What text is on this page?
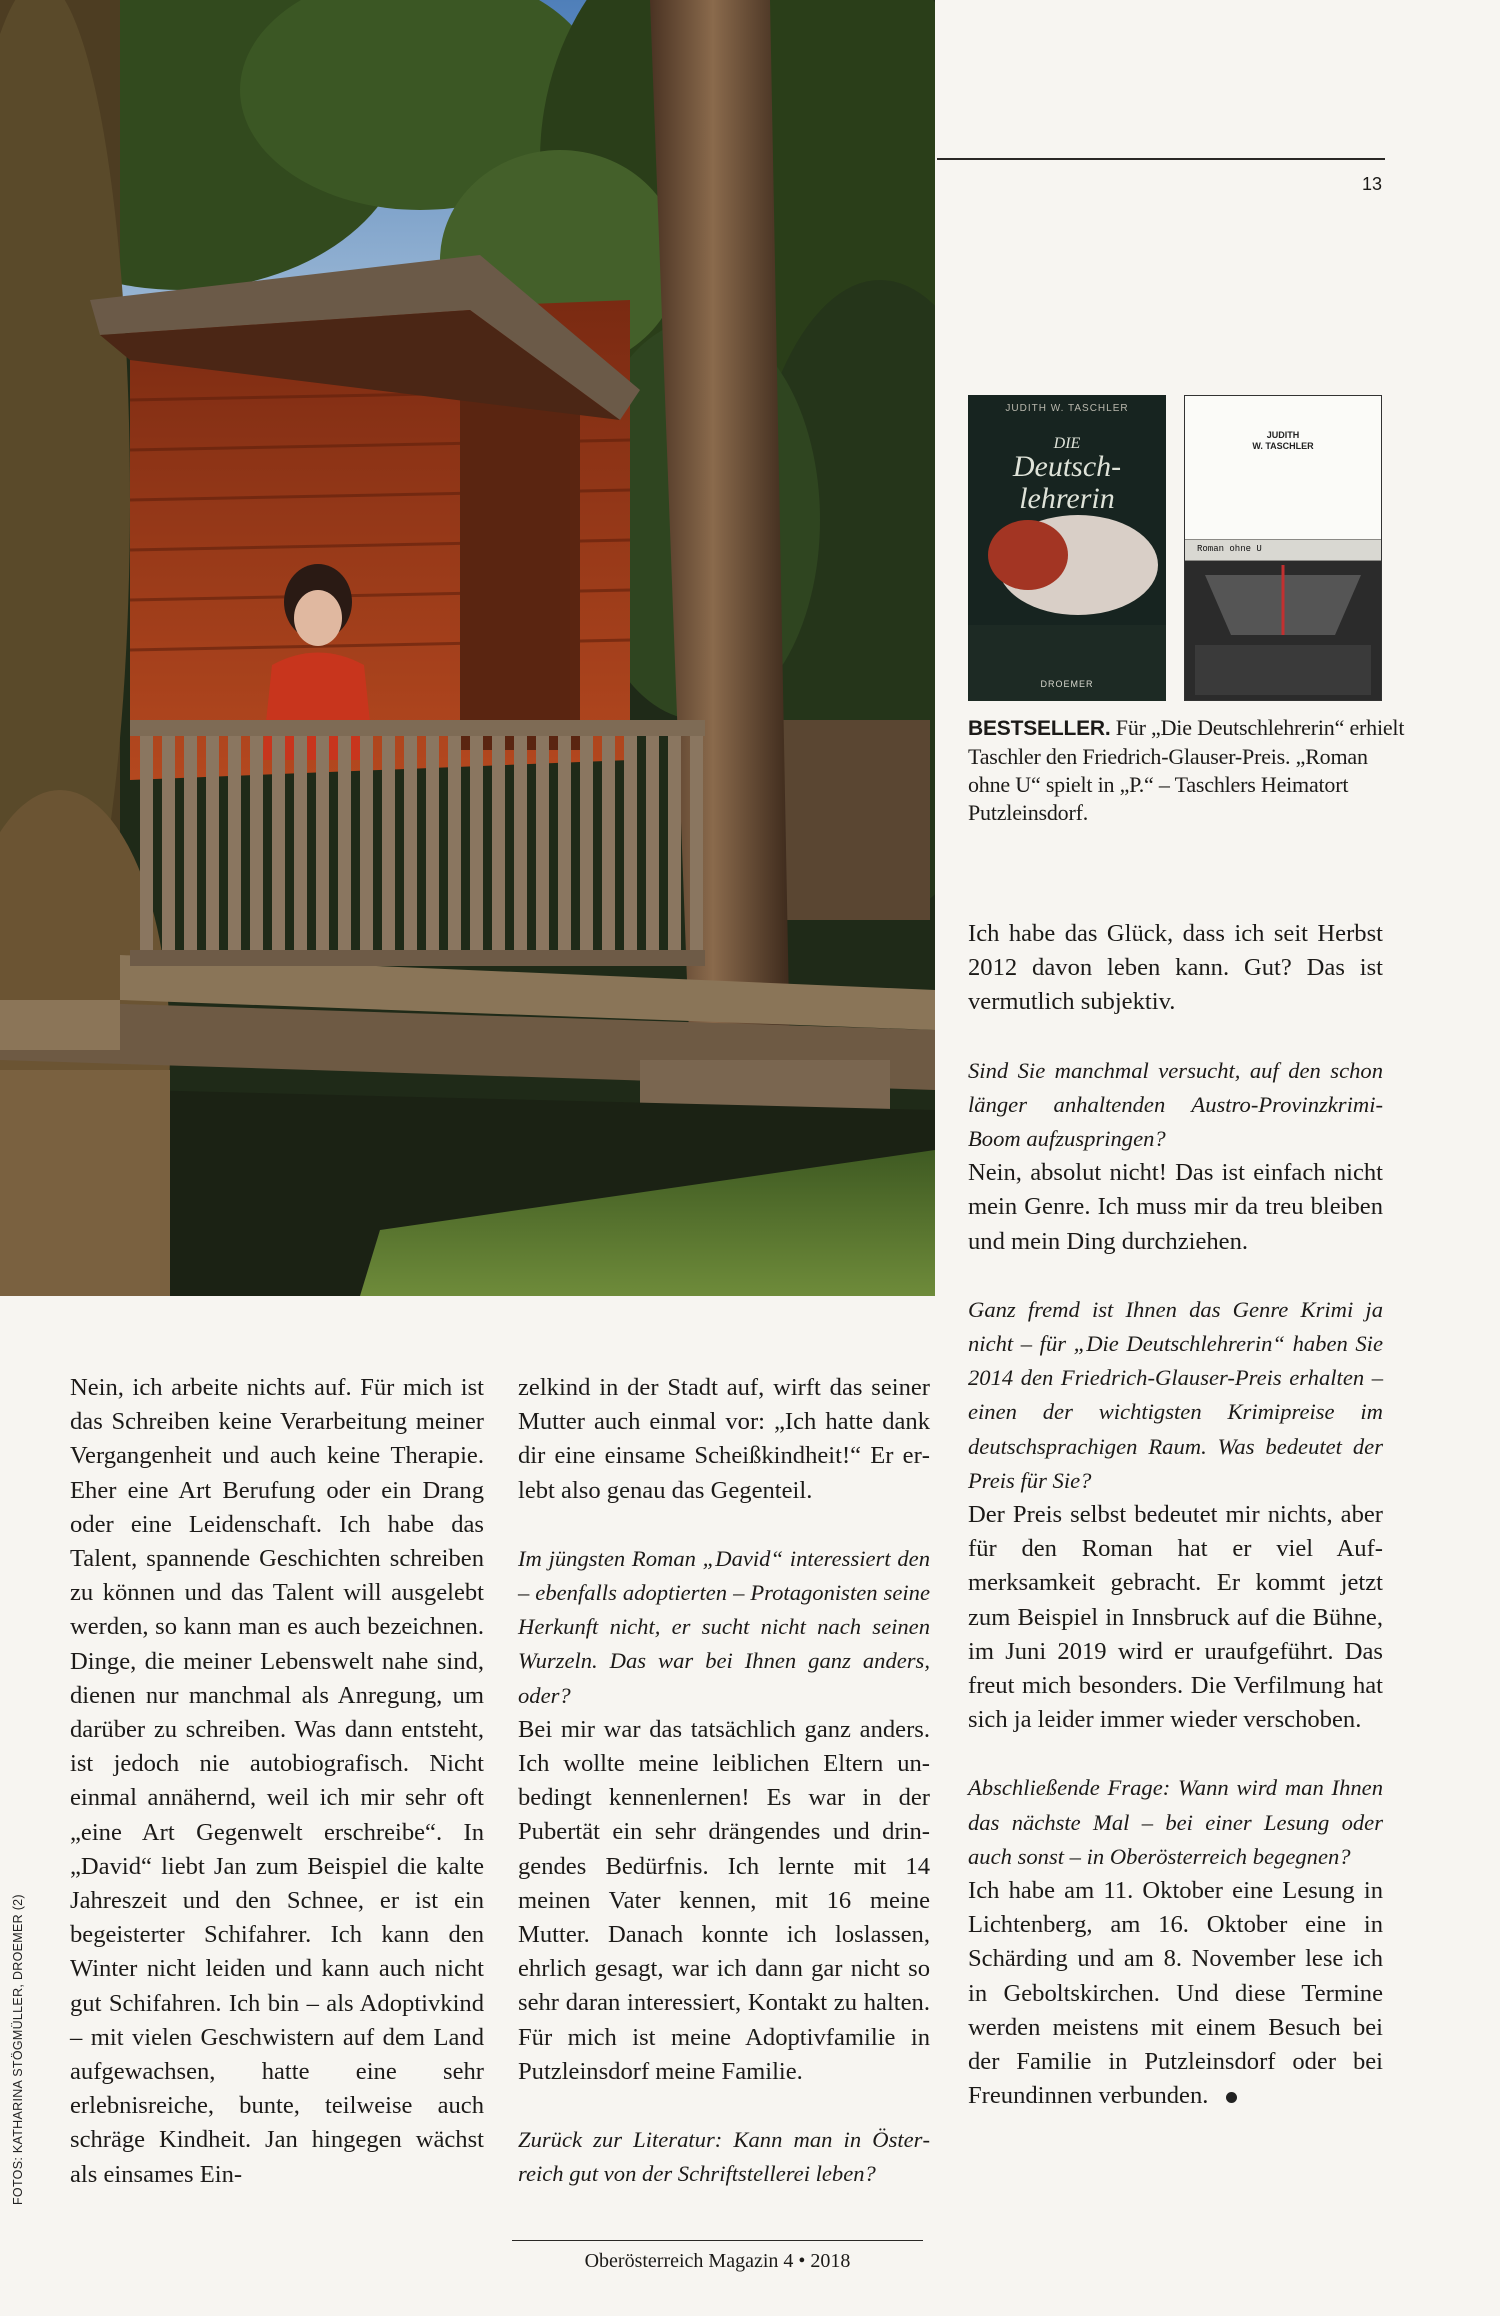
13
JUDITH W. TASCHLER
DIE
Deutsch-
lehrerin
DROEMER
JUDITH
W. TASCHLER
Roman ohne U
BESTSELLER. Für „Die Deutschlehrerin“ erhielt Taschler den Friedrich-Glauser-Preis. „Roman ohne U“ spielt in „P.“ – Taschlers Heimatort Putzleinsdorf.

Ich habe das Glück, dass ich seit Herbst 2012 davon leben kann. Gut? Das ist vermutlich subjektiv.

Sind Sie manchmal versucht, auf den schon länger anhaltenden Austro-Provinzkrimi-Boom aufzuspringen?
Nein, absolut nicht! Das ist einfach nicht mein Genre. Ich muss mir da treu bleiben und mein Ding durchziehen.

Ganz fremd ist Ihnen das Genre Krimi ja nicht – für „Die Deutschlehrerin“ haben Sie 2014 den Friedrich-Glauser-Preis erhalten – einen der wichtigsten Krimipreise im deutschsprachigen Raum. Was bedeutet der Preis für Sie?
Der Preis selbst bedeutet mir nichts, aber für den Roman hat er viel Aufmerksamkeit gebracht. Er kommt jetzt zum Beispiel in Innsbruck auf die Bühne, im Juni 2019 wird er uraufgeführt. Das freut mich besonders. Die Verfilmung hat sich ja leider immer wieder verschoben.

Abschließende Frage: Wann wird man Ihnen das nächste Mal – bei einer Lesung oder auch sonst – in Oberösterreich begegnen?
Ich habe am 11. Oktober eine Lesung in Lichtenberg, am 16. Oktober eine in Schärding und am 8. November lese ich in Geboltskirchen. Und diese Termine werden meistens mit einem Besuch bei der Familie in Putzleinsdorf oder bei Freundinnen verbunden.

Nein, ich arbeite nichts auf. Für mich ist das Schreiben keine Verarbeitung meiner Vergangenheit und auch keine Therapie. Eher eine Art Berufung oder ein Drang oder eine Leidenschaft. Ich habe das Talent, spannende Geschichten schreiben zu können und das Talent will ausgelebt werden, so kann man es auch bezeichnen. Dinge, die meiner Lebenswelt nahe sind, dienen nur manchmal als Anregung, um darüber zu schreiben. Was dann entsteht, ist jedoch nie autobiografisch. Nicht einmal annähernd, weil ich mir sehr oft „eine Art Gegenwelt erschreibe“. In „David“ liebt Jan zum Beispiel die kalte Jahreszeit und den Schnee, er ist ein begeisterter Schifahrer. Ich kann den Winter nicht leiden und kann auch nicht gut Schifahren. Ich bin – als Adoptivkind – mit vielen Geschwistern auf dem Land aufgewachsen, hatte eine sehr erlebnisreiche, bunte, teilweise auch schräge Kindheit. Jan hingegen wächst als einsames Ein-

zelkind in der Stadt auf, wirft das seiner Mutter auch einmal vor: „Ich hatte dank dir eine einsame Scheißkindheit!“ Er erlebt also genau das Gegenteil.

Im jüngsten Roman „David“ interessiert den – ebenfalls adoptierten – Protagonisten seine Herkunft nicht, er sucht nicht nach seinen Wurzeln. Das war bei Ihnen ganz anders, oder?
Bei mir war das tatsächlich ganz anders. Ich wollte meine leiblichen Eltern unbedingt kennenlernen! Es war in der Pubertät ein sehr drängendes und dringendes Bedürfnis. Ich lernte mit 14 meinen Vater kennen, mit 16 meine Mutter. Danach konnte ich loslassen, ehrlich gesagt, war ich dann gar nicht so sehr daran interessiert, Kontakt zu halten. Für mich ist meine Adoptivfamilie in Putzleinsdorf meine Familie.

Zurück zur Literatur: Kann man in Österreich gut von der Schriftstellerei leben?

FOTOS: KATHARINA STÖGMÜLLER, DROEMER (2)
Oberösterreich Magazin 4 • 2018
